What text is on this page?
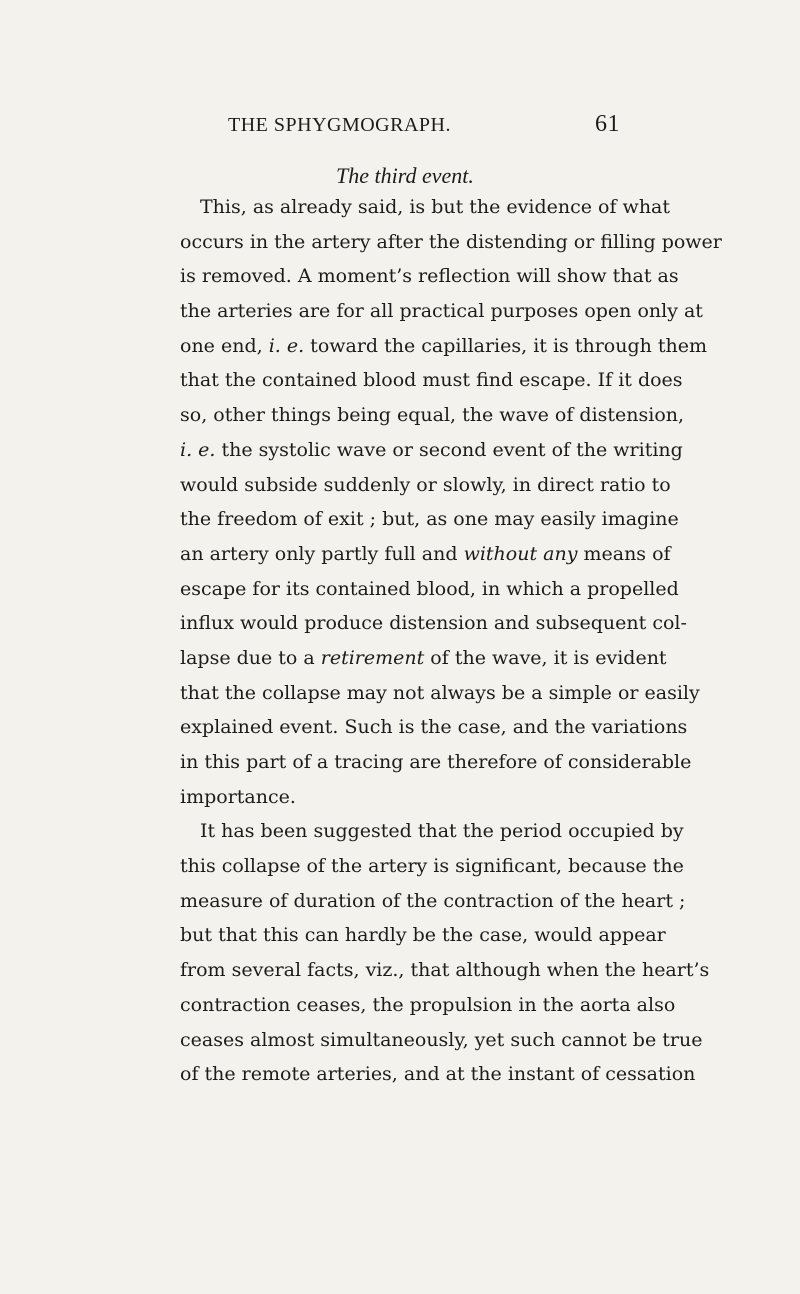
THE SPHYGMOGRAPH.	61
The third event.
This, as already said, is but the evidence of what
occurs in the artery after the distending or filling power
is removed. A moment’s reflection will show that as
the arteries are for all practical purposes open only at
one end, i. e. toward the capillaries, it is through them
that the contained blood must find escape. If it does
so, other things being equal, the wave of distension,
i. e. the systolic wave or second event of the writing
would subside suddenly or slowly, in direct ratio to
the freedom of exit ; but, as one may easily imagine
an artery only partly full and without any means of
escape for its contained blood, in which a propelled
influx would produce distension and subsequent col-
lapse due to a retirement of the wave, it is evident
that the collapse may not always be a simple or easily
explained event. Such is the case, and the variations
in this part of a tracing are therefore of considerable
importance.
It has been suggested that the period occupied by
this collapse of the artery is significant, because the
measure of duration of the contraction of the heart ;
but that this can hardly be the case, would appear
from several facts, viz., that although when the heart’s
contraction ceases, the propulsion in the aorta also
ceases almost simultaneously, yet such cannot be true
of the remote arteries, and at the instant of cessation
